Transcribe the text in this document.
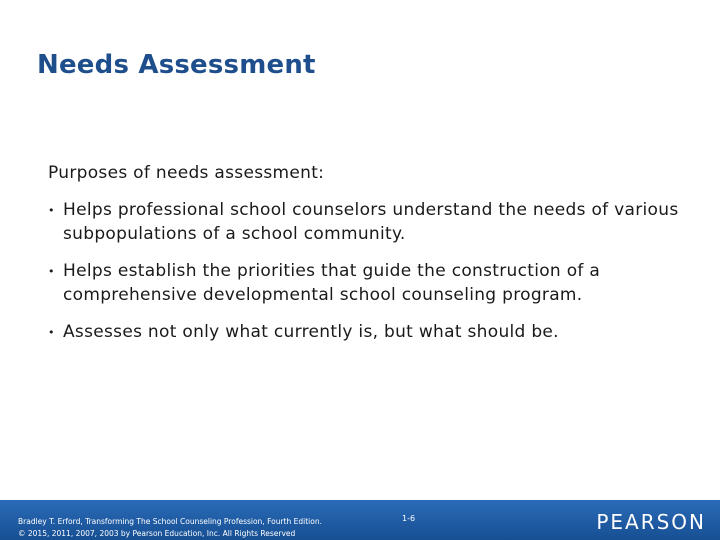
Needs Assessment

Purposes of needs assessment:

• Helps professional school counselors understand the needs of various subpopulations of a school community.
• Helps establish the priorities that guide the construction of a comprehensive developmental school counseling program.
• Assesses not only what currently is, but what should be.
Bradley T. Erford, Transforming The School Counseling Profession, Fourth Edition.
© 2015, 2011, 2007, 2003 by Pearson Education, Inc. All Rights Reserved
1-6	PEARSON
